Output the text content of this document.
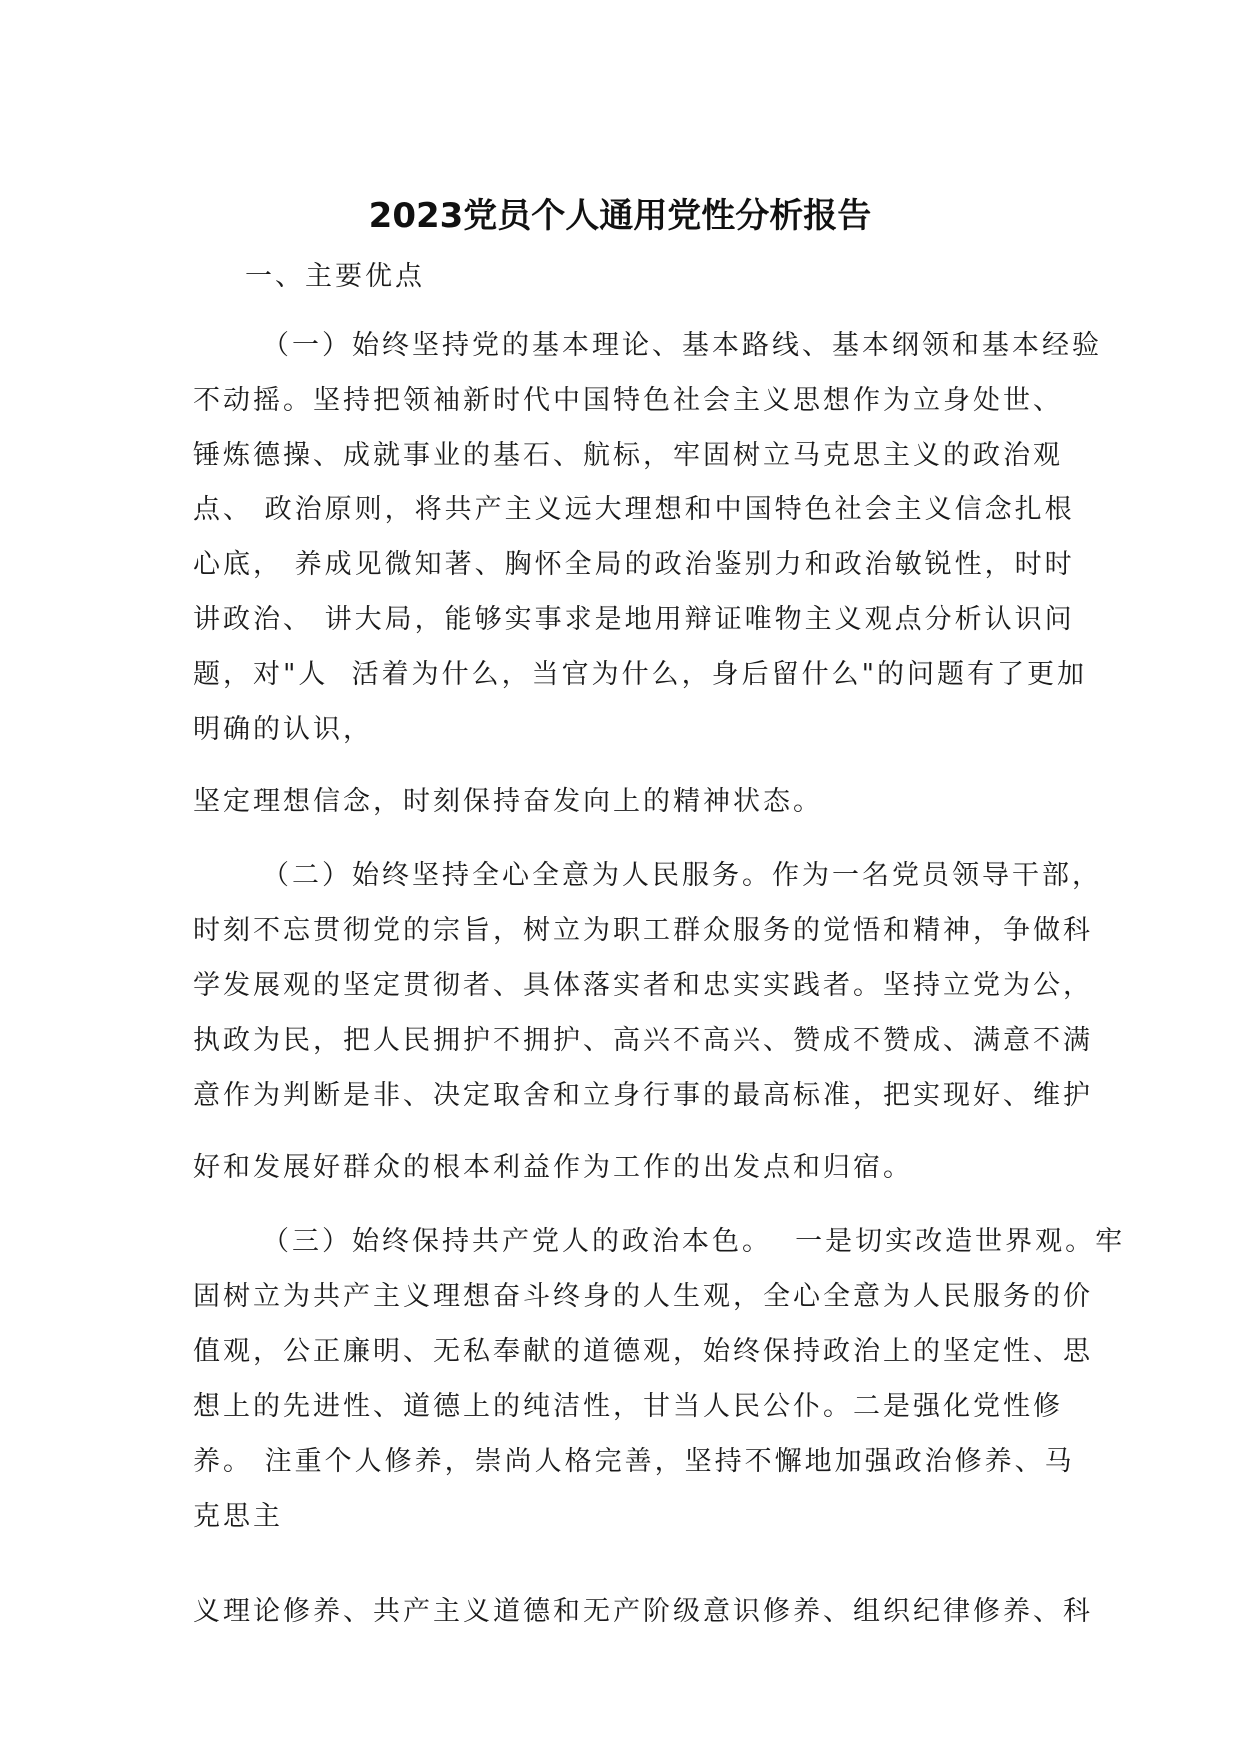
2023党员个人通用党性分析报告
一、主要优点
（一）始终坚持党的基本理论、基本路线、基本纲领和基本经验
不动摇。坚持把领袖新时代中国特色社会主义思想作为立身处世、
锤炼德操、成就事业的基石、航标，牢固树立马克思主义的政治观
点、 政治原则，将共产主义远大理想和中国特色社会主义信念扎根
心底， 养成见微知著、胸怀全局的政治鉴别力和政治敏锐性，时时
讲政治、 讲大局，能够实事求是地用辩证唯物主义观点分析认识问
题，对"人  活着为什么，当官为什么，身后留什么"的问题有了更加
明确的认识，
坚定理想信念，时刻保持奋发向上的精神状态。
（二）始终坚持全心全意为人民服务。作为一名党员领导干部，
时刻不忘贯彻党的宗旨，树立为职工群众服务的觉悟和精神，争做科
学发展观的坚定贯彻者、具体落实者和忠实实践者。坚持立党为公，
执政为民，把人民拥护不拥护、高兴不高兴、赞成不赞成、满意不满
意作为判断是非、决定取舍和立身行事的最高标准，把实现好、维护
好和发展好群众的根本利益作为工作的出发点和归宿。
（三）始终保持共产党人的政治本色。  一是切实改造世界观。牢
固树立为共产主义理想奋斗终身的人生观，全心全意为人民服务的价
值观，公正廉明、无私奉献的道德观，始终保持政治上的坚定性、思
想上的先进性、道德上的纯洁性，甘当人民公仆。二是强化党性修
养。 注重个人修养，崇尚人格完善，坚持不懈地加强政治修养、马
克思主
义理论修养、共产主义道德和无产阶级意识修养、组织纪律修养、科
